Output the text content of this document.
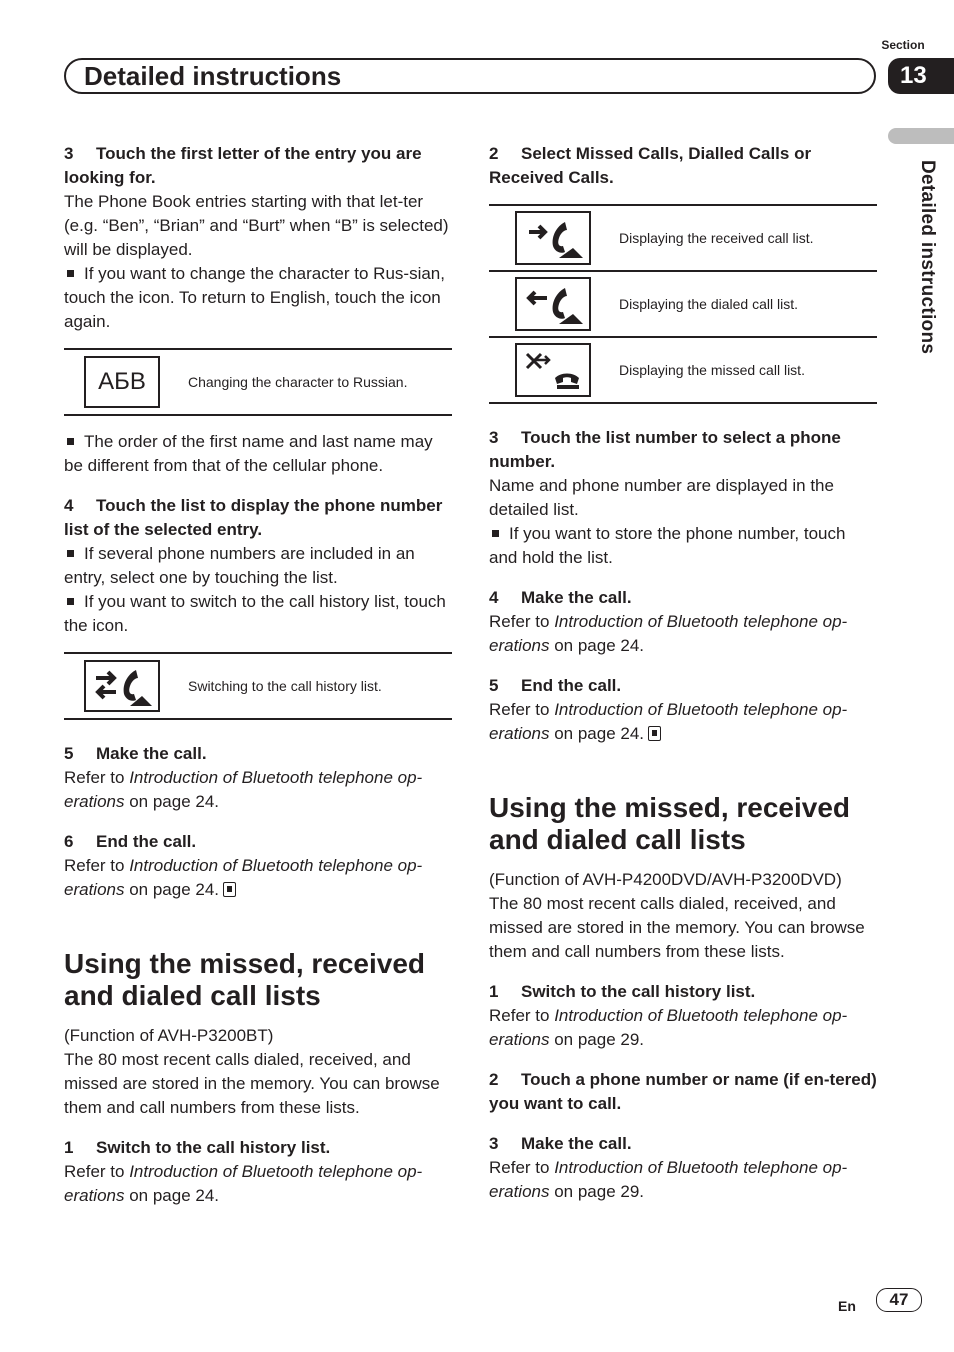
Section
Detailed instructions	13
Detailed instructions

3 Touch the first letter of the entry you are looking for.

The Phone Book entries starting with that let-ter (e.g. “Ben”, “Brian” and “Burt” when “B” is selected) will be displayed.

If you want to change the character to Rus-sian, touch the icon. To return to English, touch the icon again.

АБВ	Changing the character to Russian.

The order of the first name and last name may be different from that of the cellular phone.

4 Touch the list to display the phone number list of the selected entry.

If several phone numbers are included in an entry, select one by touching the list.

If you want to switch to the call history list, touch the icon.

Switching to the call history list.

5 Make the call.

Refer to Introduction of Bluetooth telephone op-erations on page 24.

6 End the call.

Refer to Introduction of Bluetooth telephone op-erations on page 24.

Using the missed, received and dialed call lists

(Function of AVH-P3200BT)

The 80 most recent calls dialed, received, and missed are stored in the memory. You can browse them and call numbers from these lists.

1 Switch to the call history list.

Refer to Introduction of Bluetooth telephone op-erations on page 24.

2 Select Missed Calls, Dialled Calls or Received Calls.

Displaying the received call list.
Displaying the dialed call list.
Displaying the missed call list.

3 Touch the list number to select a phone number.

Name and phone number are displayed in the detailed list.

If you want to store the phone number, touch and hold the list.

4 Make the call.

Refer to Introduction of Bluetooth telephone op-erations on page 24.

5 End the call.

Refer to Introduction of Bluetooth telephone op-erations on page 24.

Using the missed, received and dialed call lists

(Function of AVH-P4200DVD/AVH-P3200DVD)

The 80 most recent calls dialed, received, and missed are stored in the memory. You can browse them and call numbers from these lists.

1 Switch to the call history list.

Refer to Introduction of Bluetooth telephone op-erations on page 29.

2 Touch a phone number or name (if en-tered) you want to call.

3 Make the call.

Refer to Introduction of Bluetooth telephone op-erations on page 29.

En	47
